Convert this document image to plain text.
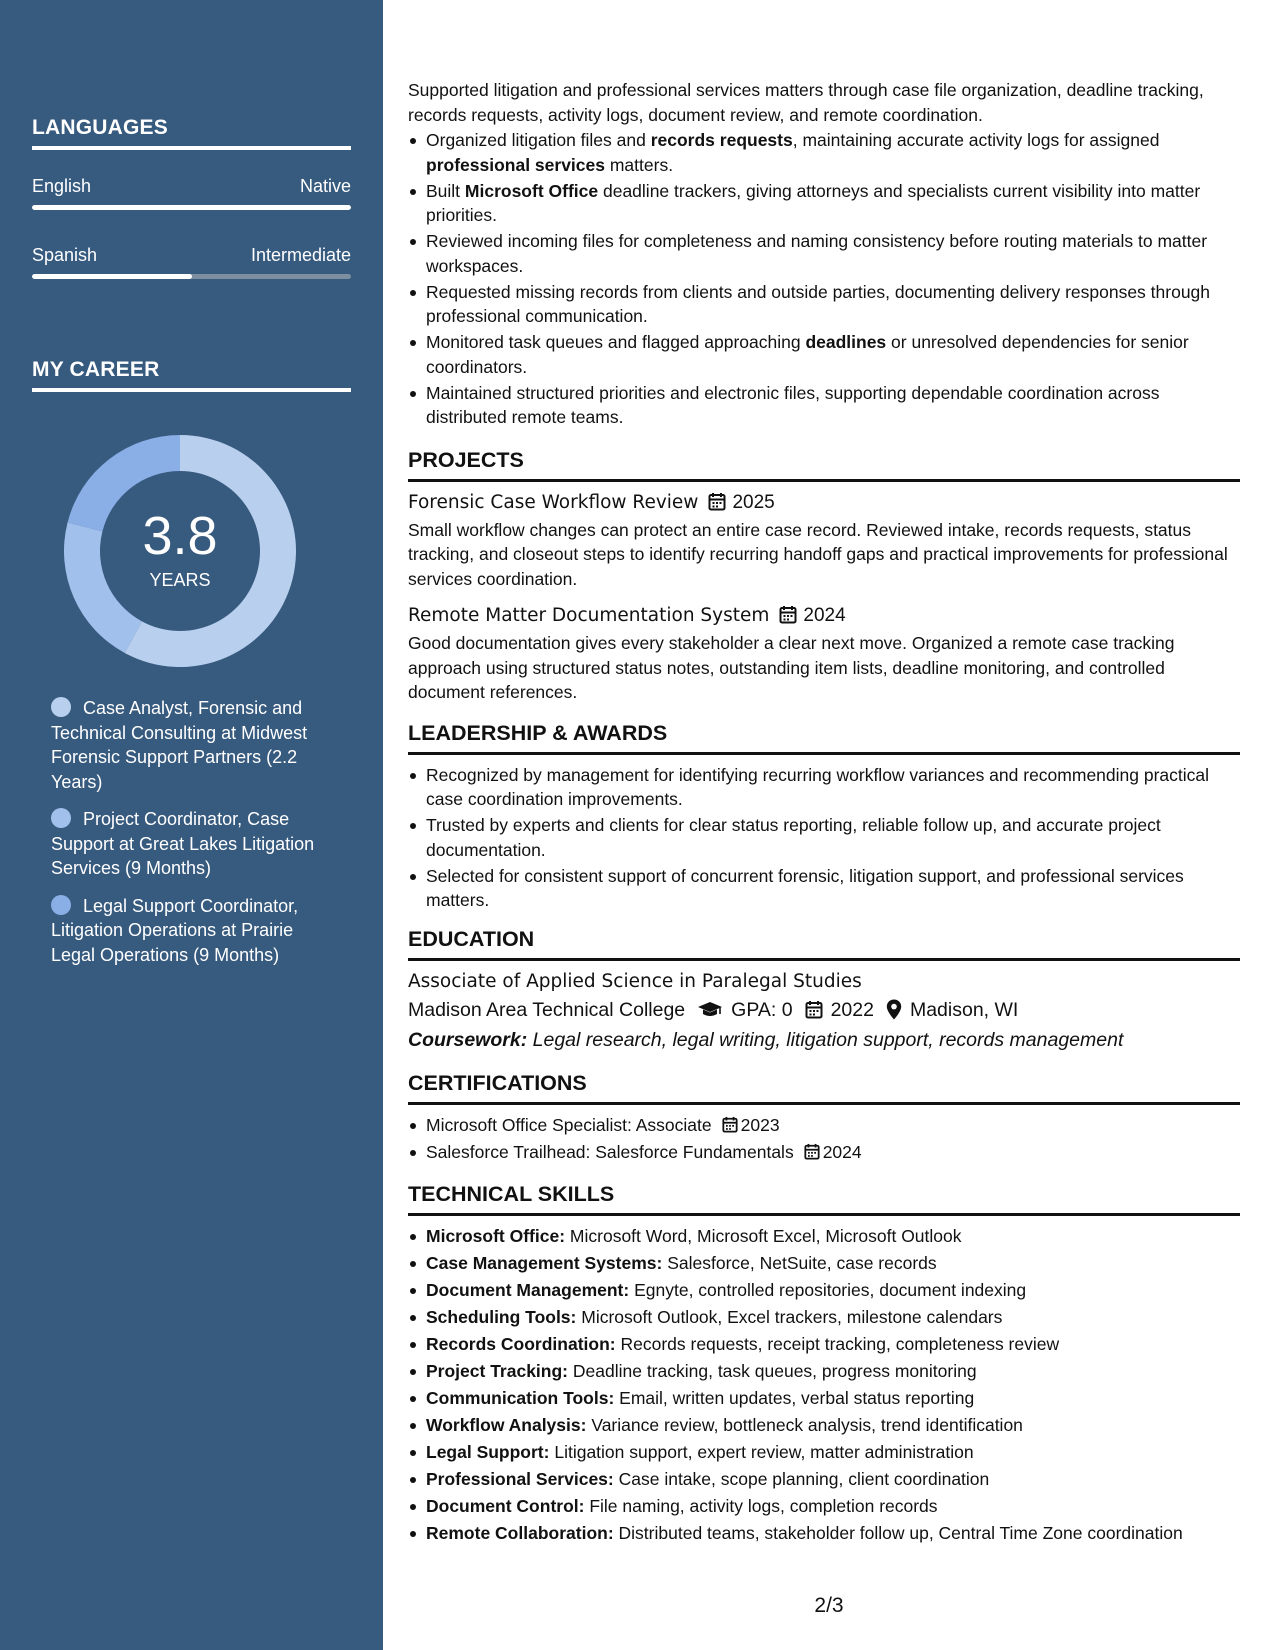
LANGUAGES
English	Native
Spanish	Intermediate
MY CAREER
3.8
YEARS
Case Analyst, Forensic and Technical Consulting at Midwest Forensic Support Partners (2.2 Years)
Project Coordinator, Case Support at Great Lakes Litigation Services (9 Months)
Legal Support Coordinator, Litigation Operations at Prairie Legal Operations (9 Months)
Supported litigation and professional services matters through case file organization, deadline tracking, records requests, activity logs, document review, and remote coordination.
Organized litigation files and records requests, maintaining accurate activity logs for assigned professional services matters.
Built Microsoft Office deadline trackers, giving attorneys and specialists current visibility into matter priorities.
Reviewed incoming files for completeness and naming consistency before routing materials to matter workspaces.
Requested missing records from clients and outside parties, documenting delivery responses through professional communication.
Monitored task queues and flagged approaching deadlines or unresolved dependencies for senior coordinators.
Maintained structured priorities and electronic files, supporting dependable coordination across distributed remote teams.
PROJECTS
Forensic Case Workflow Review 2025
Small workflow changes can protect an entire case record. Reviewed intake, records requests, status tracking, and closeout steps to identify recurring handoff gaps and practical improvements for professional services coordination.
Remote Matter Documentation System 2024
Good documentation gives every stakeholder a clear next move. Organized a remote case tracking approach using structured status notes, outstanding item lists, deadline monitoring, and controlled document references.
LEADERSHIP & AWARDS
Recognized by management for identifying recurring workflow variances and recommending practical case coordination improvements.
Trusted by experts and clients for clear status reporting, reliable follow up, and accurate project documentation.
Selected for consistent support of concurrent forensic, litigation support, and professional services matters.
EDUCATION
Associate of Applied Science in Paralegal Studies
Madison Area Technical College GPA: 0 2022 Madison, WI
Coursework: Legal research, legal writing, litigation support, records management
CERTIFICATIONS
Microsoft Office Specialist: Associate 2023
Salesforce Trailhead: Salesforce Fundamentals 2024
TECHNICAL SKILLS
Microsoft Office: Microsoft Word, Microsoft Excel, Microsoft Outlook
Case Management Systems: Salesforce, NetSuite, case records
Document Management: Egnyte, controlled repositories, document indexing
Scheduling Tools: Microsoft Outlook, Excel trackers, milestone calendars
Records Coordination: Records requests, receipt tracking, completeness review
Project Tracking: Deadline tracking, task queues, progress monitoring
Communication Tools: Email, written updates, verbal status reporting
Workflow Analysis: Variance review, bottleneck analysis, trend identification
Legal Support: Litigation support, expert review, matter administration
Professional Services: Case intake, scope planning, client coordination
Document Control: File naming, activity logs, completion records
Remote Collaboration: Distributed teams, stakeholder follow up, Central Time Zone coordination
2/3
